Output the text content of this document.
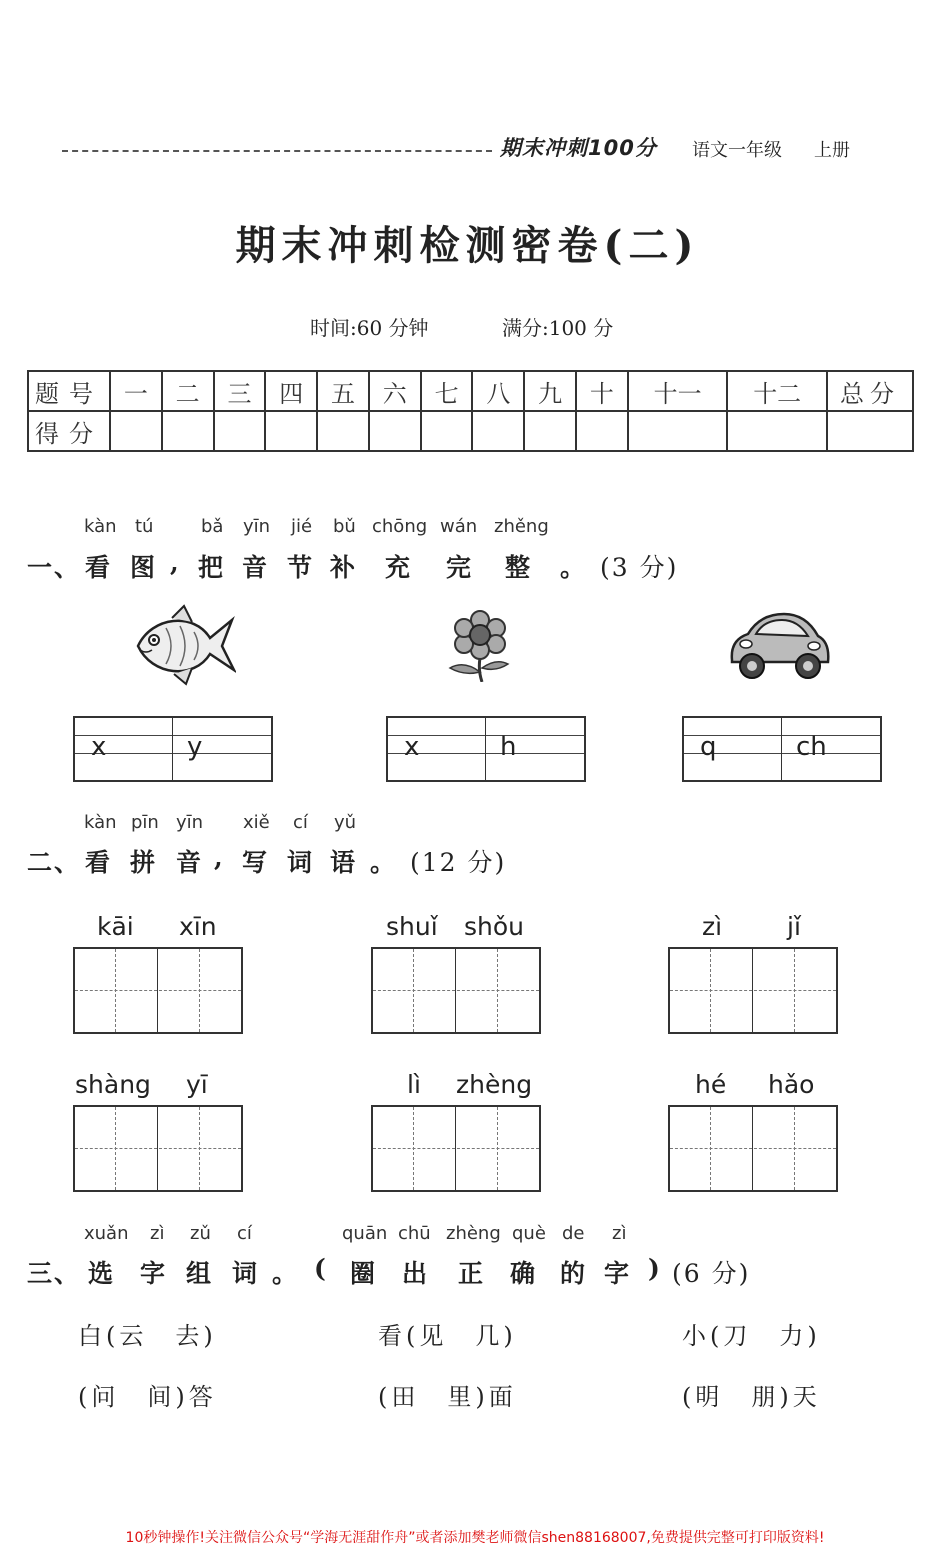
期末冲刺100分 语文一年级 上册
期末冲刺检测密卷(二)
时间:60 分钟	满分:100 分
题号	一	二	三	四	五	六	七	八	九	十	十一	十二	总分
得分													
kàn tú	bǎ yīn jié bǔ chōng wán zhěng
一、 看 图 , 把 音 节 补 充 完 整 。 (3 分)
x	y	x	h	q	ch
kàn pīn yīn xiě cí yǔ
二、 看 拼 音 , 写 词 语 。 (12 分)
kāi xīn	shuǐ shǒu	zì	jǐ
shàng yī	lì zhèng	hé hǎo
xuǎn zì zǔ cí	quān chū zhèng què de zì
三、 选 字 组 词 。 ( 圈 出 正 确 的 字 ) (6 分)
白(云　去)	看(见　几)	小(刀　力)
(问　间)答	(田　里)面	(明　朋)天
10秒钟操作!关注微信公众号“学海无涯甜作舟”或者添加樊老师微信shen88168007,免费提供完整可打印版资料!
